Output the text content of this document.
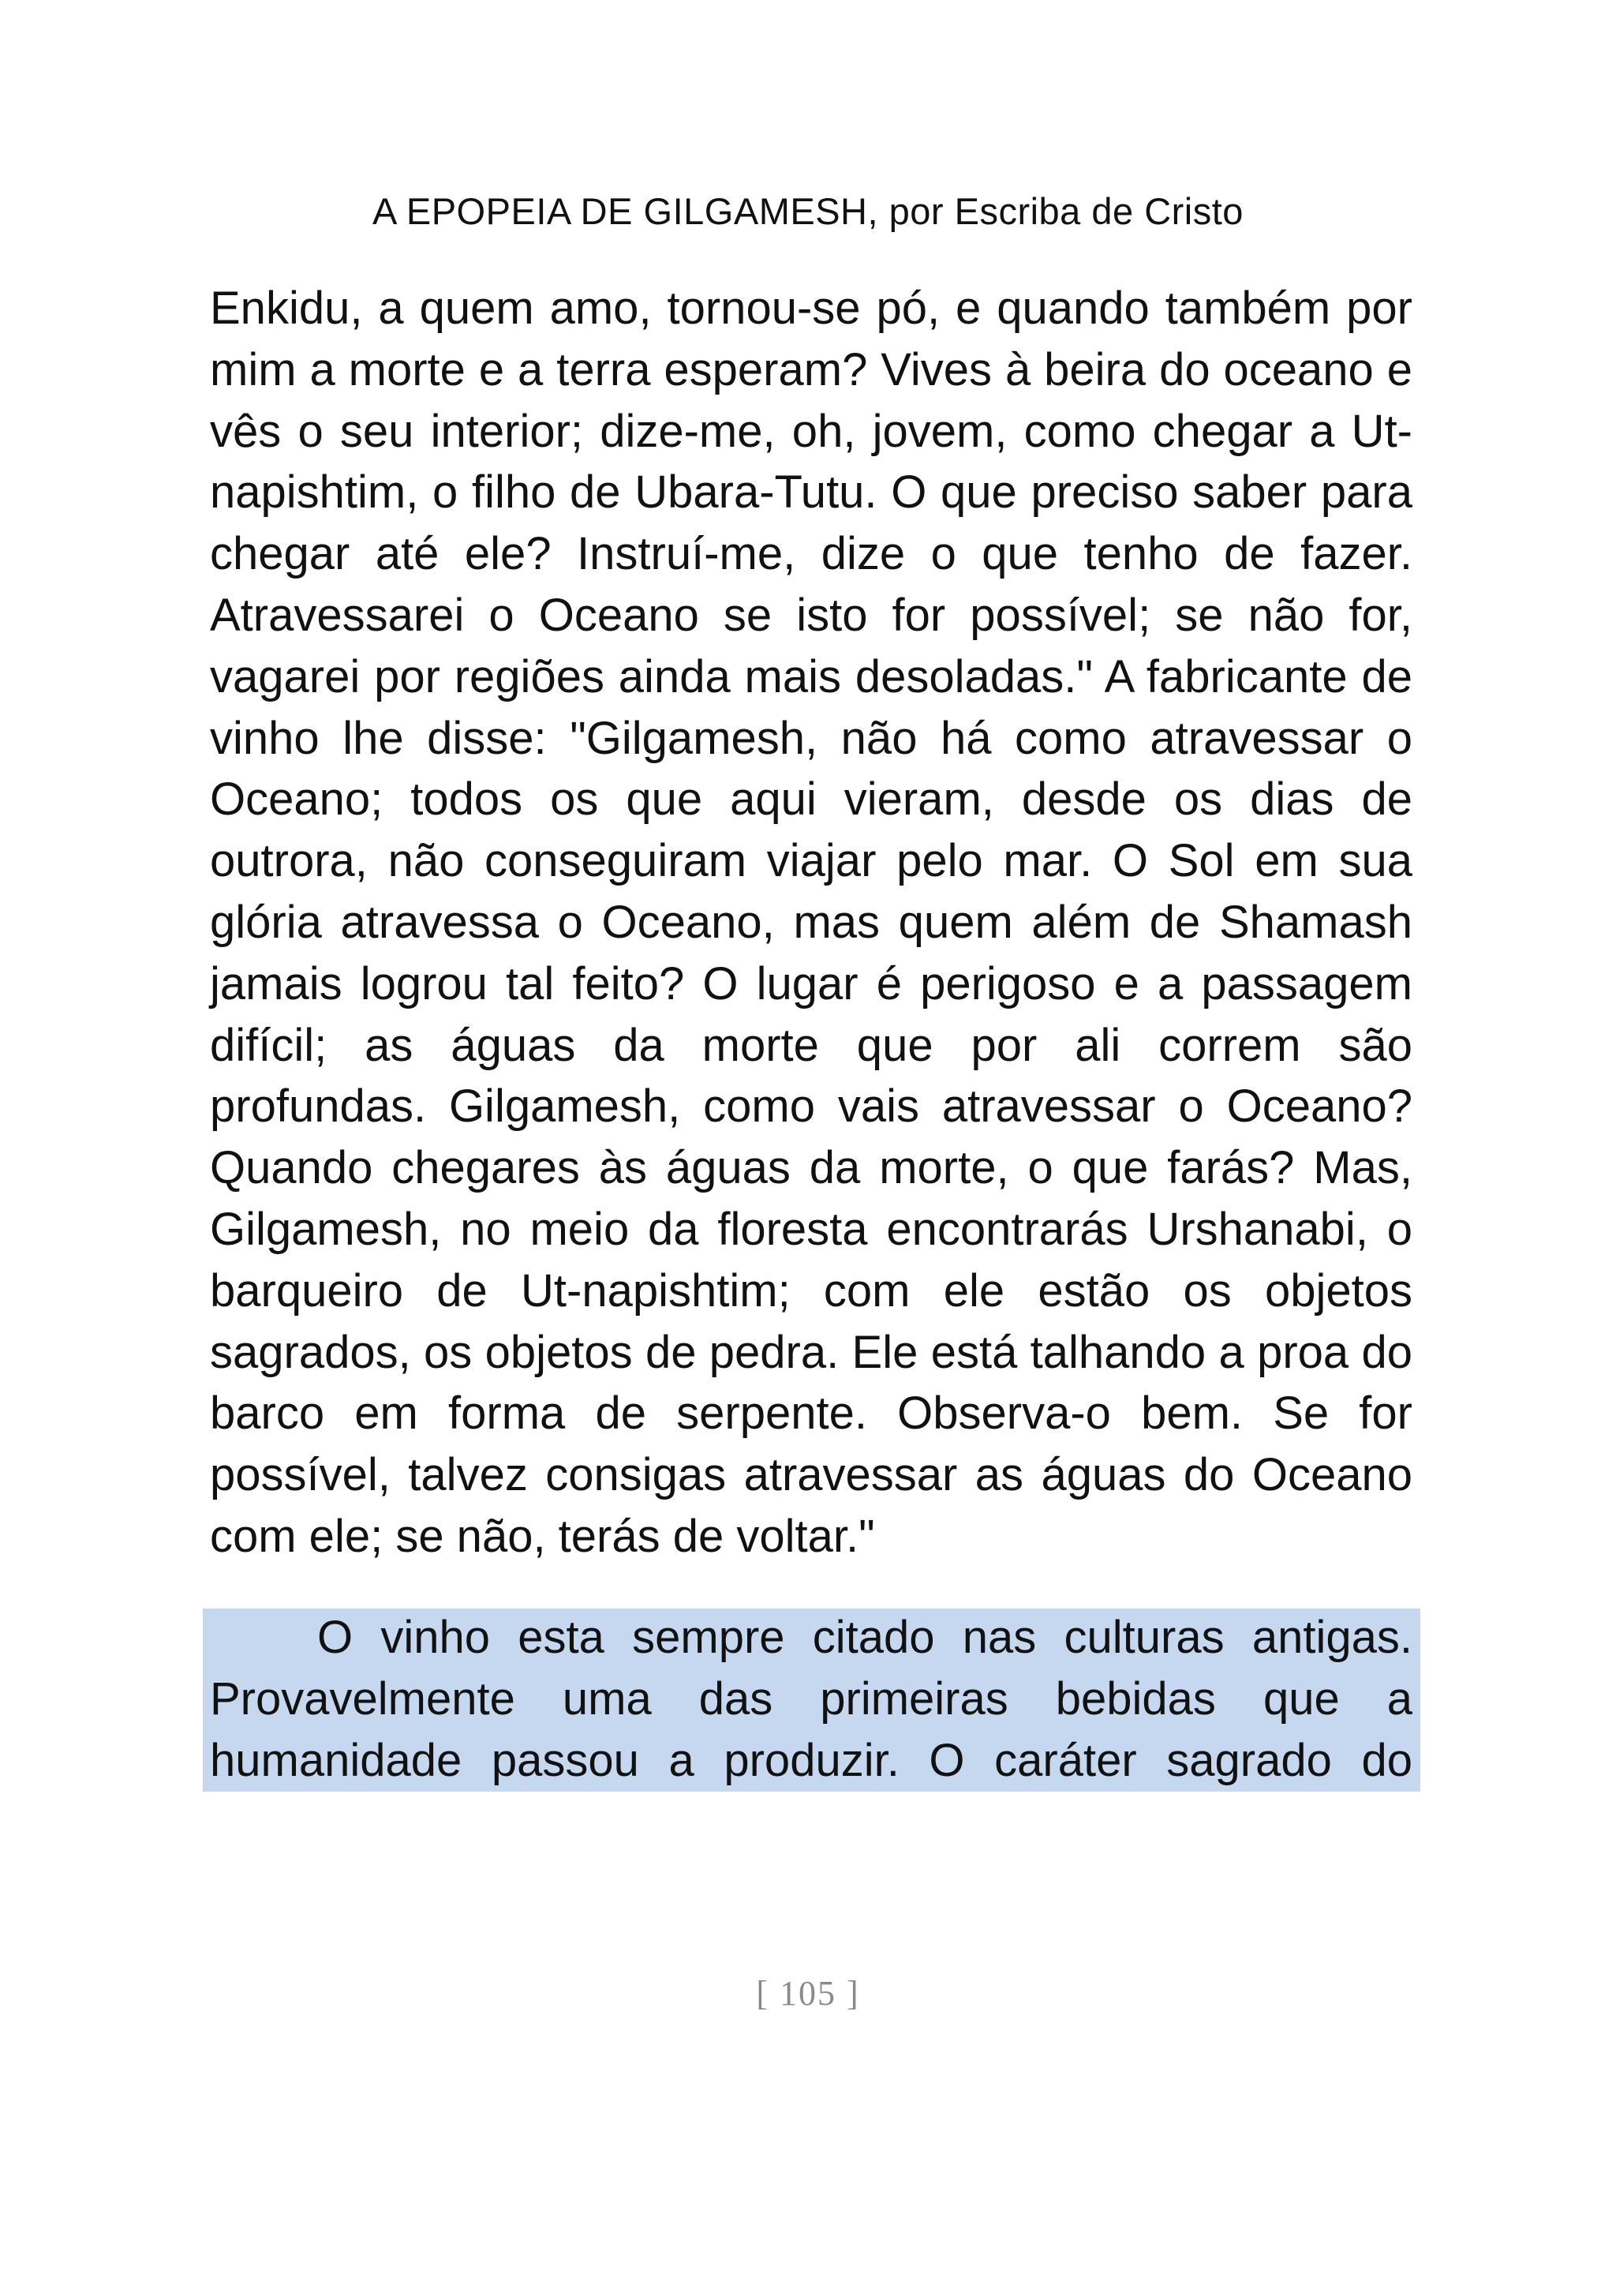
A EPOPEIA DE GILGAMESH, por Escriba de Cristo

Enkidu, a quem amo, tornou-se pó, e quando também por mim a morte e a terra esperam? Vives à beira do oceano e vês o seu interior; dize-me, oh, jovem, como chegar a Ut-napishtim, o filho de Ubara-Tutu. O que preciso saber para chegar até ele? Instruí-me, dize o que tenho de fazer. Atravessarei o Oceano se isto for possível; se não for, vagarei por regiões ainda mais desoladas." A fabricante de vinho lhe disse: "Gilgamesh, não há como atravessar o Oceano; todos os que aqui vieram, desde os dias de outrora, não conseguiram viajar pelo mar. O Sol em sua glória atravessa o Oceano, mas quem além de Shamash jamais logrou tal feito? O lugar é perigoso e a passagem difícil; as águas da morte que por ali correm são profundas. Gilgamesh, como vais atravessar o Oceano? Quando chegares às águas da morte, o que farás? Mas, Gilgamesh, no meio da floresta encontrarás Urshanabi, o barqueiro de Ut-napishtim; com ele estão os objetos sagrados, os objetos de pedra. Ele está talhando a proa do barco em forma de serpente. Observa-o bem. Se for possível, talvez consigas atravessar as águas do Oceano com ele; se não, terás de voltar."

O vinho esta sempre citado nas culturas antigas. Provavelmente uma das primeiras bebidas que a humanidade passou a produzir. O caráter sagrado do

[ 105 ]
